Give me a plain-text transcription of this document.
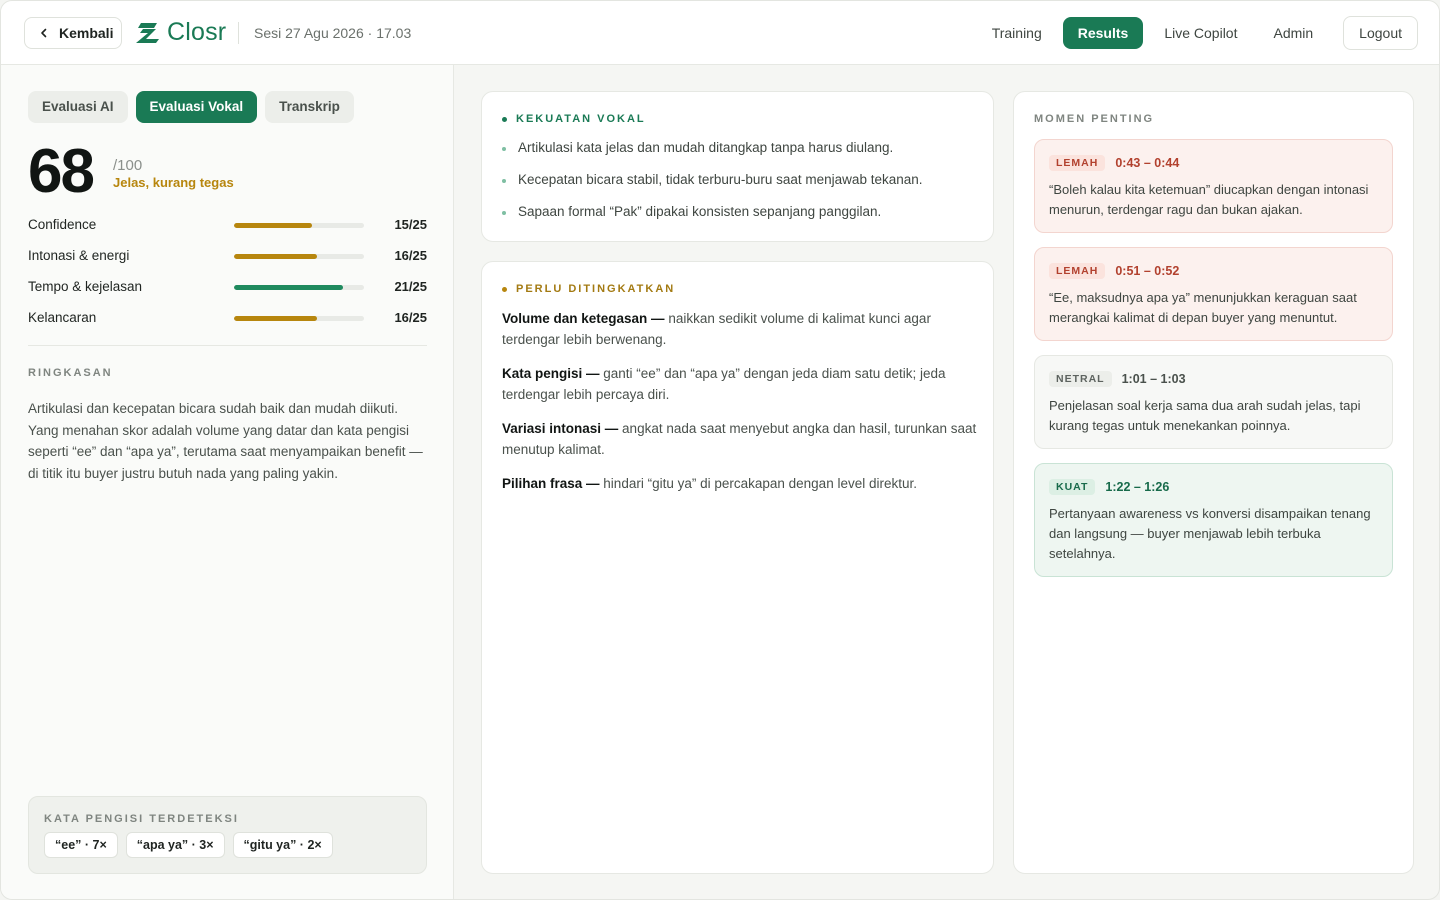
Kembali Closr Sesi 27 Agu 2026 · 17.03	Training	Results	Live Copilot	Admin	Logout
Evaluasi AI	Evaluasi Vokal	Transkrip
68 /100
Jelas, kurang tegas
Confidence	15/25
Intonasi & energi	16/25
Tempo & kejelasan	21/25
Kelancaran	16/25
RINGKASAN

Artikulasi dan kecepatan bicara sudah baik dan mudah diikuti. Yang menahan skor adalah volume yang datar dan kata pengisi seperti “ee” dan “apa ya”, terutama saat menyampaikan benefit — di titik itu buyer justru butuh nada yang paling yakin.

KATA PENGISI TERDETEKSI
“ee” · 7×	“apa ya” · 3×	“gitu ya” · 2×
KEKUATAN VOKAL
Artikulasi kata jelas dan mudah ditangkap tanpa harus diulang.
Kecepatan bicara stabil, tidak terburu-buru saat menjawab tekanan.
Sapaan formal “Pak” dipakai konsisten sepanjang panggilan.
PERLU DITINGKATKAN

Volume dan ketegasan — naikkan sedikit volume di kalimat kunci agar terdengar lebih berwenang.

Kata pengisi — ganti “ee” dan “apa ya” dengan jeda diam satu detik; jeda terdengar lebih percaya diri.

Variasi intonasi — angkat nada saat menyebut angka dan hasil, turunkan saat menutup kalimat.

Pilihan frasa — hindari “gitu ya” di percakapan dengan level direktur.

MOMEN PENTING
LEMAH	0:43 – 0:44
“Boleh kalau kita ketemuan” diucapkan dengan intonasi menurun, terdengar ragu dan bukan ajakan.
LEMAH	0:51 – 0:52
“Ee, maksudnya apa ya” menunjukkan keraguan saat merangkai kalimat di depan buyer yang menuntut.
NETRAL	1:01 – 1:03
Penjelasan soal kerja sama dua arah sudah jelas, tapi kurang tegas untuk menekankan poinnya.
KUAT	1:22 – 1:26
Pertanyaan awareness vs konversi disampaikan tenang dan langsung — buyer menjawab lebih terbuka setelahnya.
